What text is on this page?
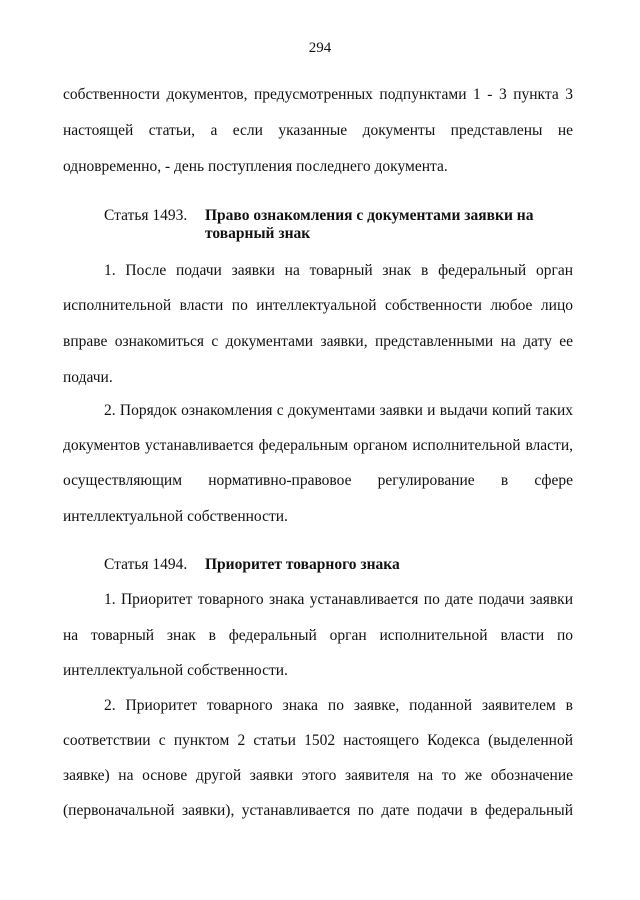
294
собственности документов, предусмотренных подпунктами 1 - 3 пункта 3
настоящей статьи, а если указанные документы представлены не
одновременно, - день поступления последнего документа.
Статья 1493.	Право ознакомления с документами заявки на
товарный знак
1. После подачи заявки на товарный знак в федеральный орган
исполнительной власти по интеллектуальной собственности любое лицо
вправе ознакомиться с документами заявки, представленными на дату ее
подачи.
2. Порядок ознакомления с документами заявки и выдачи копий таких
документов устанавливается федеральным органом исполнительной власти,
осуществляющим нормативно-правовое регулирование в сфере
интеллектуальной собственности.
Статья 1494.	Приоритет товарного знака
1. Приоритет товарного знака устанавливается по дате подачи заявки
на товарный знак в федеральный орган исполнительной власти по
интеллектуальной собственности.
2. Приоритет товарного знака по заявке, поданной заявителем в
соответствии с пунктом 2 статьи 1502 настоящего Кодекса (выделенной
заявке) на основе другой заявки этого заявителя на то же обозначение
(первоначальной заявки), устанавливается по дате подачи в федеральный
